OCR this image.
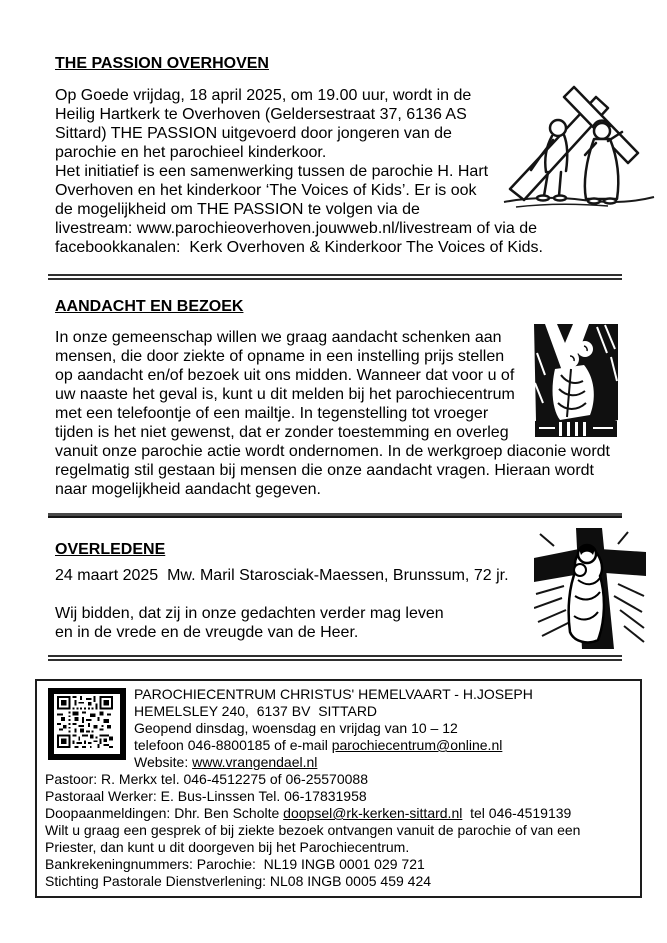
THE PASSION OVERHOVEN
Op Goede vrijdag, 18 april 2025, om 19.00 uur, wordt in de
Heilig Hartkerk te Overhoven (Geldersestraat 37, 6136 AS
Sittard) THE PASSION uitgevoerd door jongeren van de
parochie en het parochieel kinderkoor.
Het initiatief is een samenwerking tussen de parochie H. Hart
Overhoven en het kinderkoor ‘The Voices of Kids’. Er is ook
de mogelijkheid om THE PASSION te volgen via de
livestream: www.parochieoverhoven.jouwweb.nl/livestream of via de
facebookkanalen:  Kerk Overhoven & Kinderkoor The Voices of Kids.
AANDACHT EN BEZOEK
In onze gemeenschap willen we graag aandacht schenken aan
mensen, die door ziekte of opname in een instelling prijs stellen
op aandacht en/of bezoek uit ons midden. Wanneer dat voor u of
uw naaste het geval is, kunt u dit melden bij het parochiecentrum
met een telefoontje of een mailtje. In tegenstelling tot vroeger
tijden is het niet gewenst, dat er zonder toestemming en overleg
vanuit onze parochie actie wordt ondernomen. In de werkgroep diaconie wordt
regelmatig stil gestaan bij mensen die onze aandacht vragen. Hieraan wordt
naar mogelijkheid aandacht gegeven.
OVERLEDENE
24 maart 2025  Mw. Maril Starosciak-Maessen, Brunssum, 72 jr.
Wij bidden, dat zij in onze gedachten verder mag leven
en in de vrede en de vreugde van de Heer.
PAROCHIECENTRUM CHRISTUS' HEMELVAART - H.JOSEPH
HEMELSLEY 240,  6137 BV  SITTARD
Geopend dinsdag, woensdag en vrijdag van 10 – 12
telefoon 046-8800185 of e-mail parochiecentrum@online.nl
Website: www.vrangendael.nl
Pastoor: R. Merkx tel. 046-4512275 of 06-25570088
Pastoraal Werker: E. Bus-Linssen Tel. 06-17831958
Doopaanmeldingen: Dhr. Ben Scholte doopsel@rk-kerken-sittard.nl  tel 046-4519139
Wilt u graag een gesprek of bij ziekte bezoek ontvangen vanuit de parochie of van een
Priester, dan kunt u dit doorgeven bij het Parochiecentrum.
Bankrekeningnummers: Parochie:  NL19 INGB 0001 029 721
Stichting Pastorale Dienstverlening: NL08 INGB 0005 459 424
